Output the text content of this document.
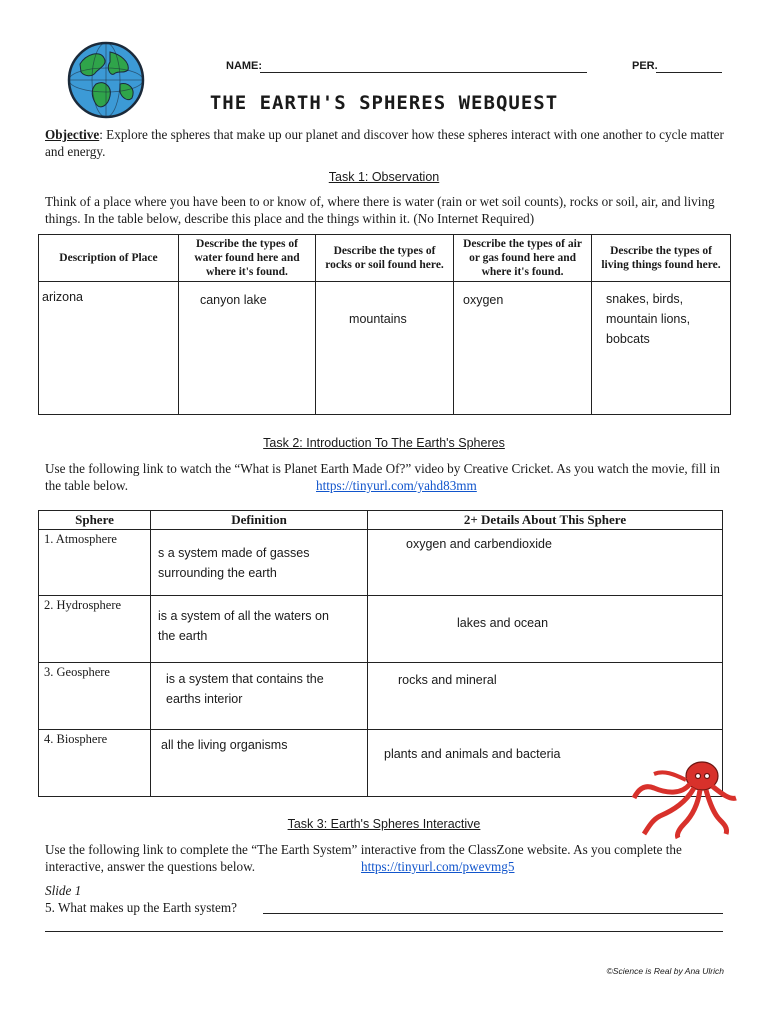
NAME:	PER.
THE EARTH'S SPHERES WEBQUEST
Objective: Explore the spheres that make up our planet and discover how these spheres interact with one another to cycle matter and energy.
Task 1: Observation
Think of a place where you have been to or know of, where there is water (rain or wet soil counts), rocks or soil, air, and living things. In the table below, describe this place and the things within it. (No Internet Required)
Description of Place	Describe the types of water found here and where it's found.	Describe the types of rocks or soil found here.	Describe the types of air or gas found here and where it's found.	Describe the types of living things found here.

arizona	canyon lake	mountains	oxygen	snakes, birds, mountain lions, bobcats
Task 2: Introduction To The Earth's Spheres
Use the following link to watch the “What is Planet Earth Made Of?” video by Creative Cricket. As you watch the movie, fill in the table below.	https://tinyurl.com/yahd83mm
Sphere	Definition	2+ Details About This Sphere
1. Atmosphere	s a system made of gasses surrounding the earth	oxygen and carbendioxide

2. Hydrosphere	is a system of all the waters on the earth	lakes and ocean

3. Geosphere	is a system that contains the earths interior	rocks and mineral

4. Biosphere	all the living organisms	plants and animals and bacteria
Task 3: Earth's Spheres Interactive
Use the following link to complete the “The Earth System” interactive from the ClassZone website. As you complete the interactive, answer the questions below.	https://tinyurl.com/pwevmg5
Slide 1
5. What makes up the Earth system?
©Science is Real by Ana Ulrich
